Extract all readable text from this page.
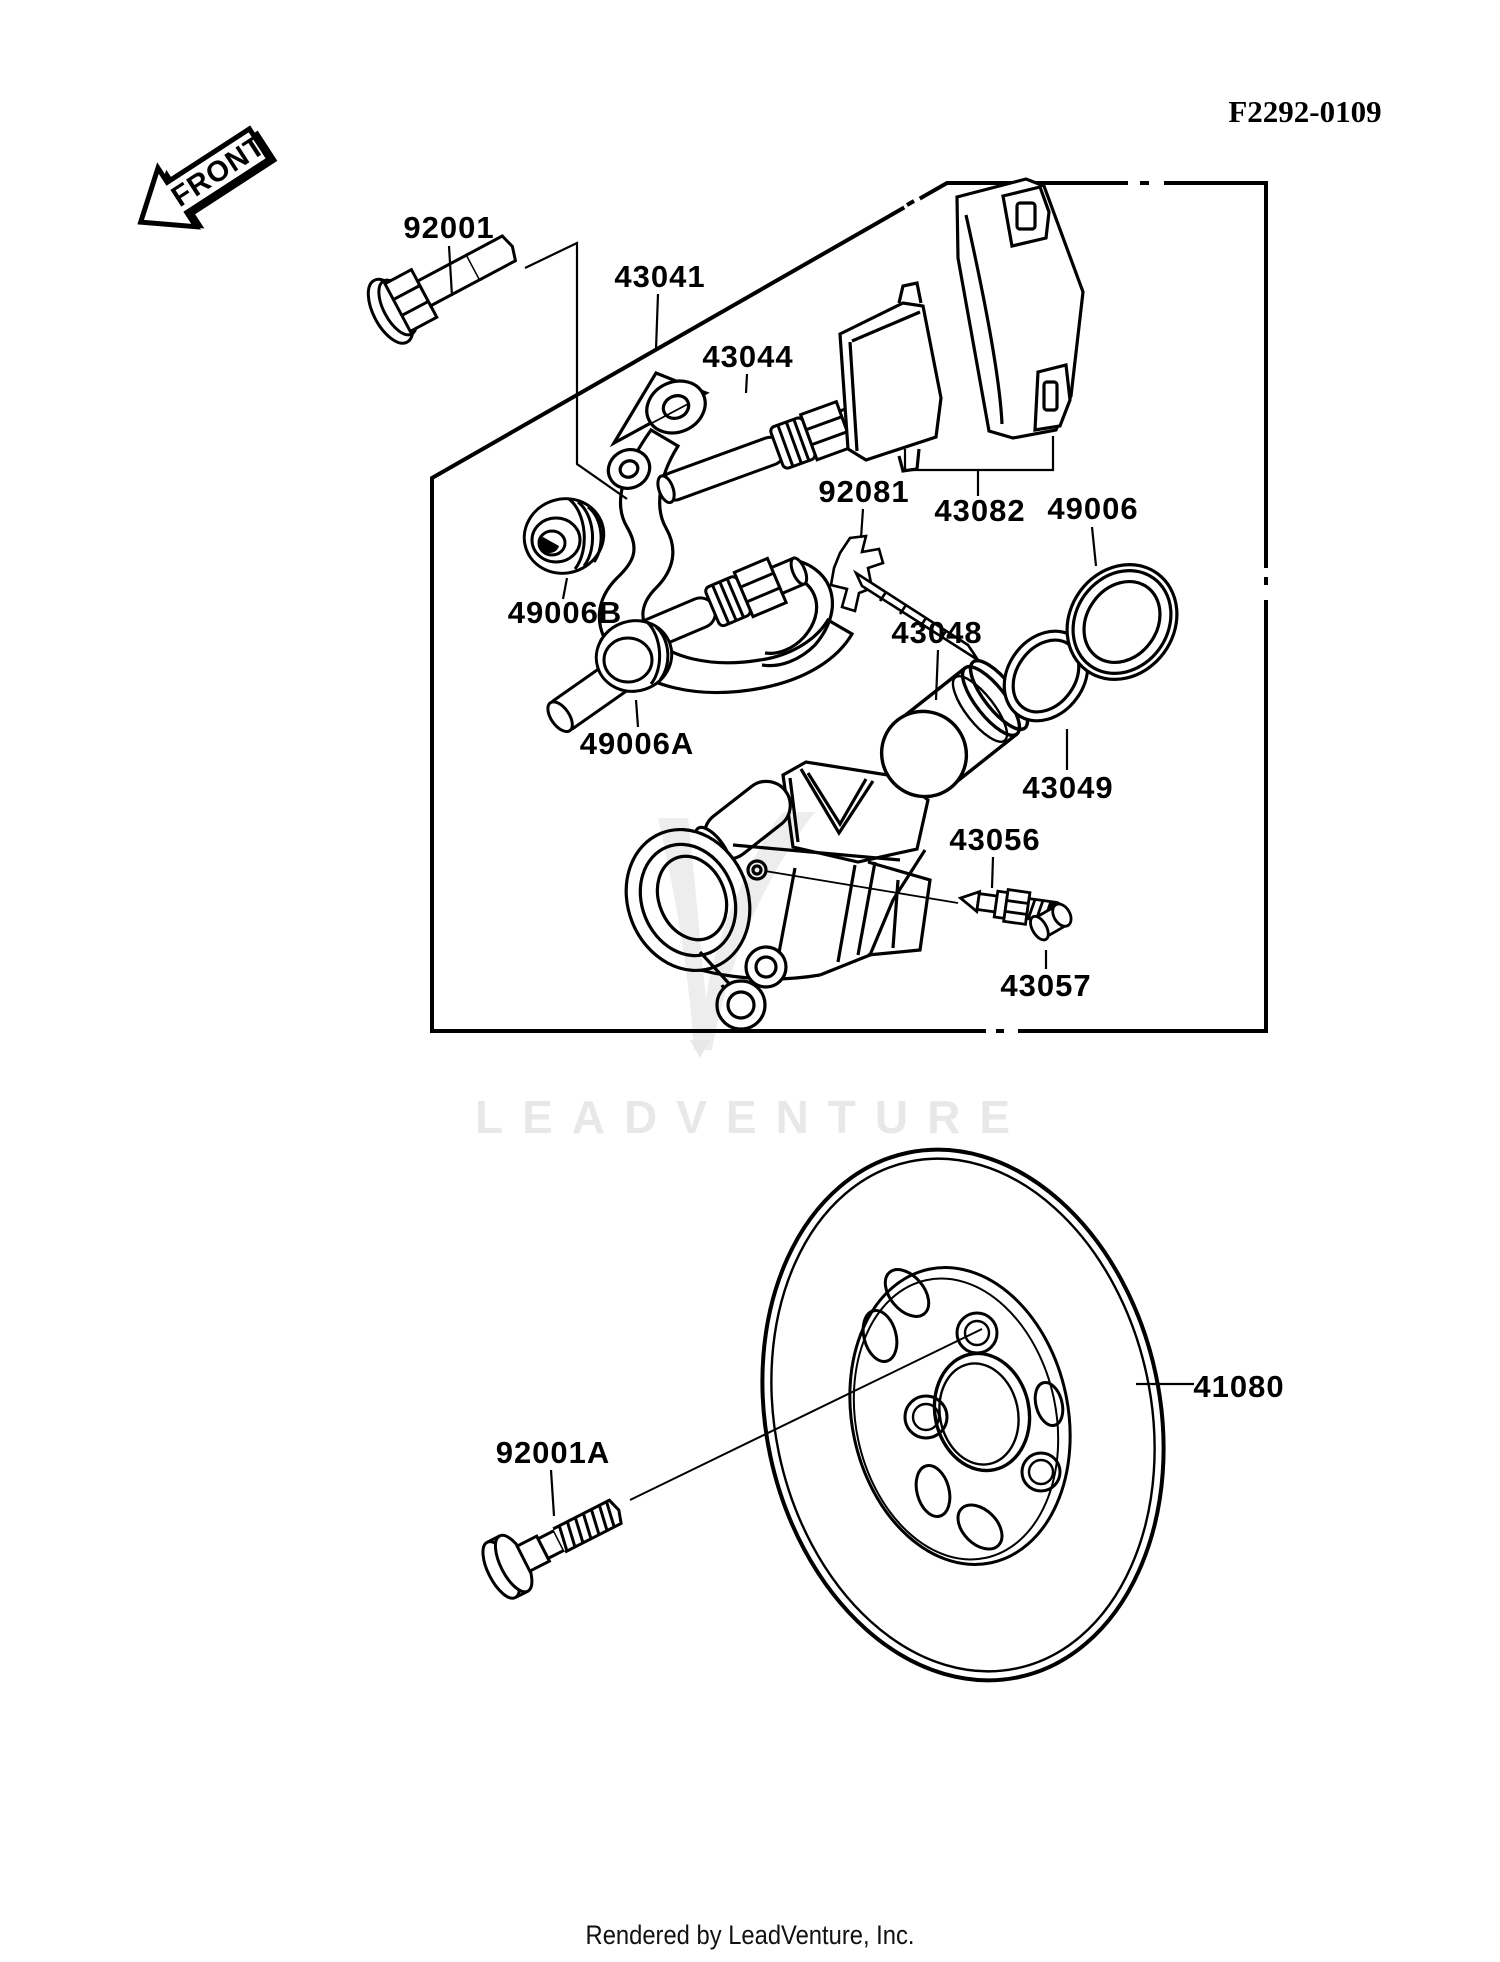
92001
43041
43044
92081
43082 49006
49006B
49006A
43048
43049
43056
43057
41080
92001A
F2292-0109
FRONT
LEADVENTURE
Rendered by LeadVenture, Inc.
